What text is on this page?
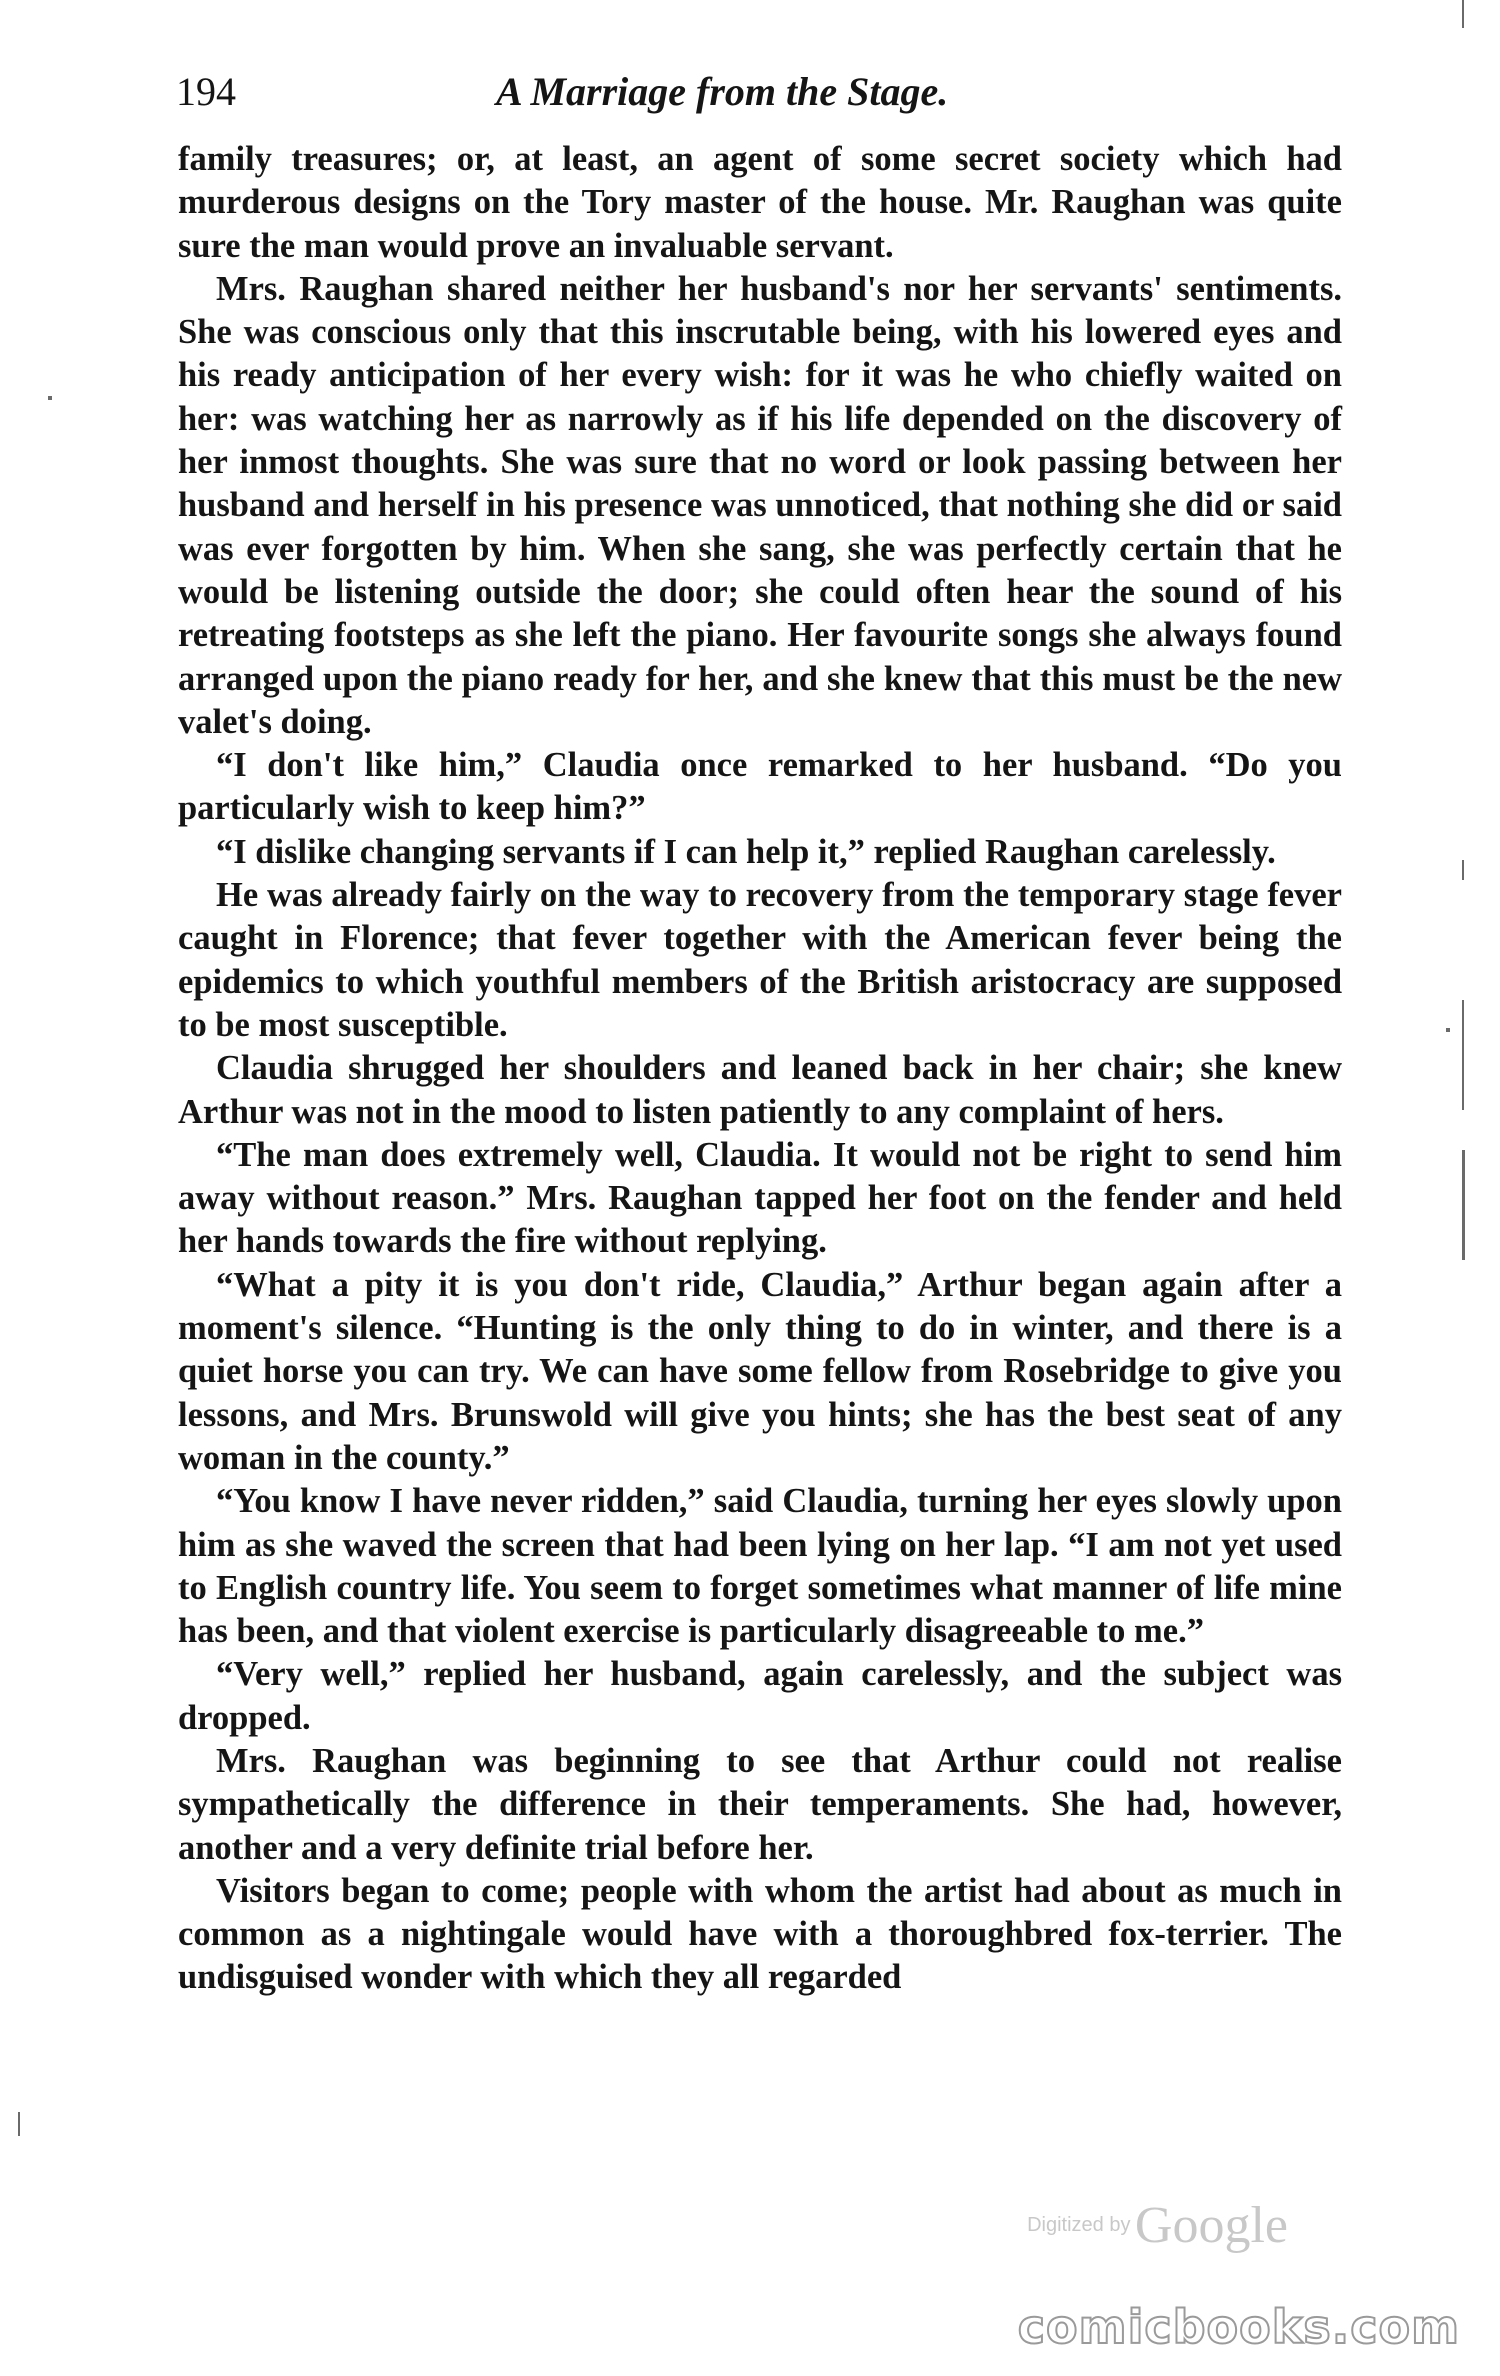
194	A Marriage from the Stage.

family treasures; or, at least, an agent of some secret society which had murderous designs on the Tory master of the house. Mr. Raughan was quite sure the man would prove an invaluable servant.

Mrs. Raughan shared neither her husband's nor her servants' sentiments. She was conscious only that this inscrutable being, with his lowered eyes and his ready anticipation of her every wish: for it was he who chiefly waited on her: was watching her as narrowly as if his life depended on the discovery of her inmost thoughts. She was sure that no word or look passing between her husband and herself in his presence was unnoticed, that nothing she did or said was ever forgotten by him. When she sang, she was perfectly certain that he would be listening outside the door; she could often hear the sound of his retreating footsteps as she left the piano. Her favourite songs she always found arranged upon the piano ready for her, and she knew that this must be the new valet's doing.

“I don't like him,” Claudia once remarked to her husband. “Do you particularly wish to keep him?”

“I dislike changing servants if I can help it,” replied Raughan carelessly.

He was already fairly on the way to recovery from the temporary stage fever caught in Florence; that fever together with the American fever being the epidemics to which youthful members of the British aristocracy are supposed to be most susceptible.

Claudia shrugged her shoulders and leaned back in her chair; she knew Arthur was not in the mood to listen patiently to any complaint of hers.

“The man does extremely well, Claudia. It would not be right to send him away without reason.” Mrs. Raughan tapped her foot on the fender and held her hands towards the fire without replying.

“What a pity it is you don't ride, Claudia,” Arthur began again after a moment's silence. “Hunting is the only thing to do in winter, and there is a quiet horse you can try. We can have some fellow from Rosebridge to give you lessons, and Mrs. Brunswold will give you hints; she has the best seat of any woman in the county.”

“You know I have never ridden,” said Claudia, turning her eyes slowly upon him as she waved the screen that had been lying on her lap. “I am not yet used to English country life. You seem to forget sometimes what manner of life mine has been, and that violent exercise is particularly disagreeable to me.”

“Very well,” replied her husband, again carelessly, and the subject was dropped.

Mrs. Raughan was beginning to see that Arthur could not realise sympathetically the difference in their temperaments. She had, however, another and a very definite trial before her.

Visitors began to come; people with whom the artist had about as much in common as a nightingale would have with a thoroughbred fox-terrier. The undisguised wonder with which they all regarded

Digitized by Google
comicbooks.com
